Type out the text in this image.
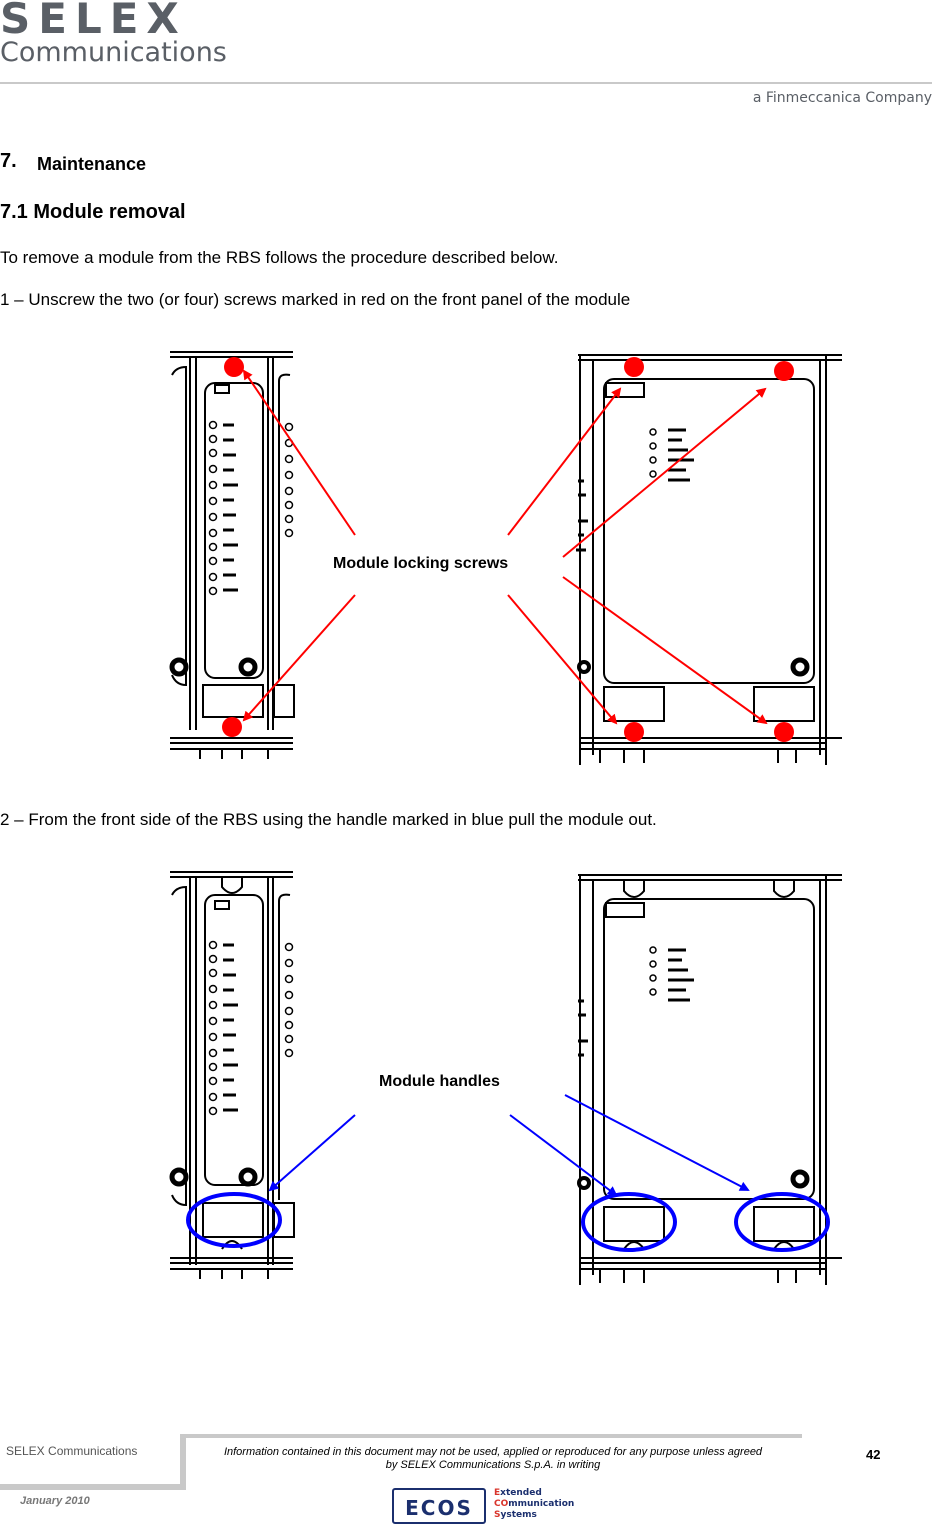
SELEX
Communications
a Finmeccanica Company
7. Maintenance
7.1 Module removal
To remove a module from the RBS follows the procedure described below.
1 – Unscrew the two (or four) screws marked in red on the front panel of the module
Module locking screws
2 – From the front side of the RBS using the handle marked in blue pull the module out.
Module handles
SELEX Communications
January 2010
Information contained in this document may not be used, applied or reproduced for any purpose unless agreed
by SELEX Communications S.p.A. in writing
42
ECOS
Extended
COmmunication
Systems
